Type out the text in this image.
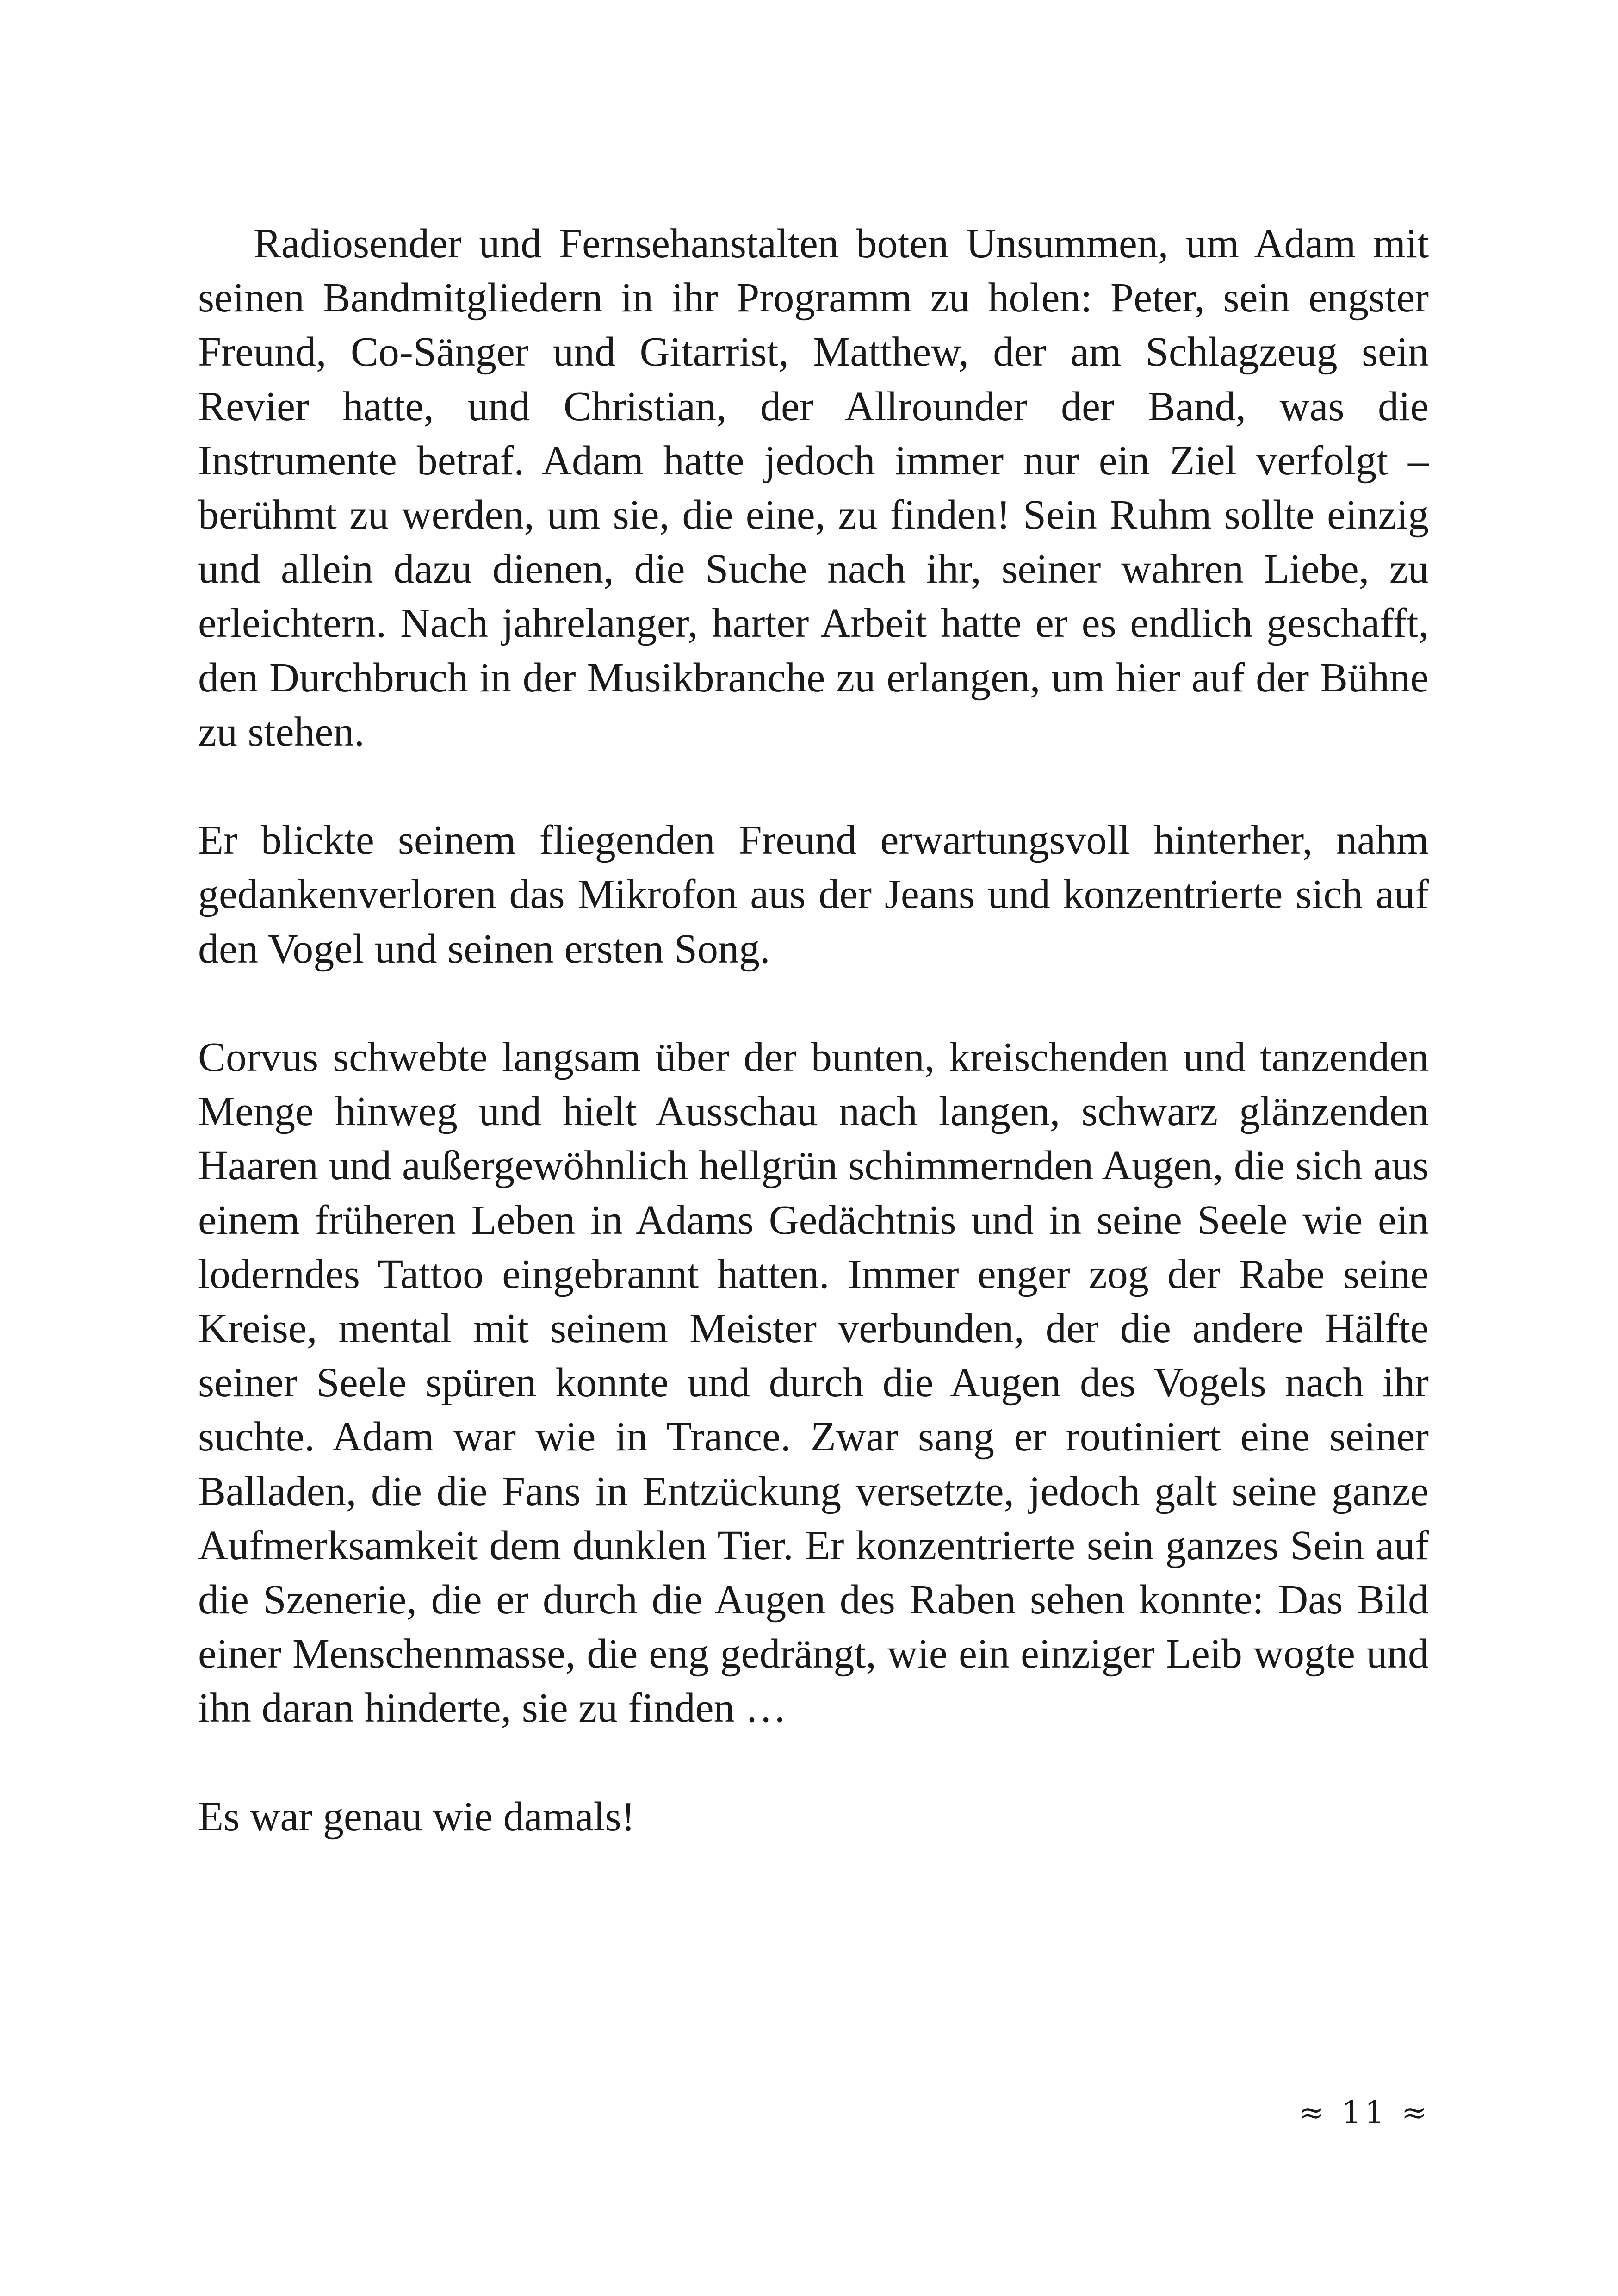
Radiosender und Fernsehanstalten boten Unsummen, um Adam mit seinen Bandmitgliedern in ihr Programm zu holen: Peter, sein engster Freund, Co-Sänger und Gitarrist, Matthew, der am Schlagzeug sein Revier hatte, und Christian, der Allrounder der Band, was die Instrumente betraf. Adam hatte jedoch immer nur ein Ziel verfolgt – berühmt zu werden, um sie, die eine, zu finden! Sein Ruhm sollte einzig und allein dazu dienen, die Suche nach ihr, seiner wahren Liebe, zu erleichtern. Nach jahrelanger, harter Arbeit hatte er es endlich geschafft, den Durchbruch in der Musikbranche zu erlangen, um hier auf der Bühne zu stehen.

Er blickte seinem fliegenden Freund erwartungsvoll hinterher, nahm gedankenverloren das Mikrofon aus der Jeans und konzentrierte sich auf den Vogel und seinen ersten Song.

Corvus schwebte langsam über der bunten, kreischenden und tanzenden Menge hinweg und hielt Ausschau nach langen, schwarz glänzenden Haaren und außergewöhnlich hellgrün schimmernden Augen, die sich aus einem früheren Leben in Adams Gedächtnis und in seine Seele wie ein loderndes Tattoo eingebrannt hatten. Immer enger zog der Rabe seine Kreise, mental mit seinem Meister verbunden, der die andere Hälfte seiner Seele spüren konnte und durch die Augen des Vogels nach ihr suchte. Adam war wie in Trance. Zwar sang er routiniert eine seiner Balladen, die die Fans in Entzückung versetzte, jedoch galt seine ganze Aufmerksamkeit dem dunklen Tier. Er konzentrierte sein ganzes Sein auf die Szenerie, die er durch die Augen des Raben sehen konnte: Das Bild einer Menschenmasse, die eng gedrängt, wie ein einziger Leib wogte und ihn daran hinderte, sie zu finden …

Es war genau wie damals!

≈ 11 ≈
